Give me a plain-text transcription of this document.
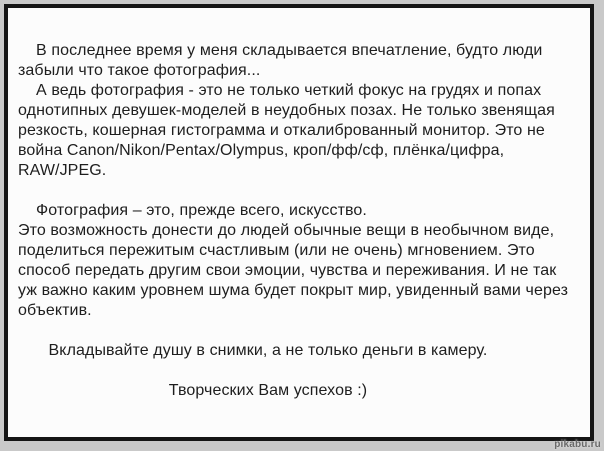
В последнее время у меня складывается впечатление, будто люди
забыли что такое фотография...
А ведь фотография - это не только четкий фокус на грудях и попах
однотипных девушек-моделей в неудобных позах. Не только звенящая
резкость, кошерная гистограмма и откалиброванный монитор. Это не
война Canon/Nikon/Pentax/Olympus, кроп/фф/сф, плёнка/цифра,
RAW/JPEG.
Фотография – это, прежде всего, искусство.
Это возможность донести до людей обычные вещи в необычном виде,
поделиться пережитым счастливым (или не очень) мгновением. Это
способ передать другим свои эмоции, чувства и переживания. И не так
уж важно каким уровнем шума будет покрыт мир, увиденный вами через
объектив.
Вкладывайте душу в снимки, а не только деньги в камеру.
Творческих Вам успехов :)
pikabu.ru
